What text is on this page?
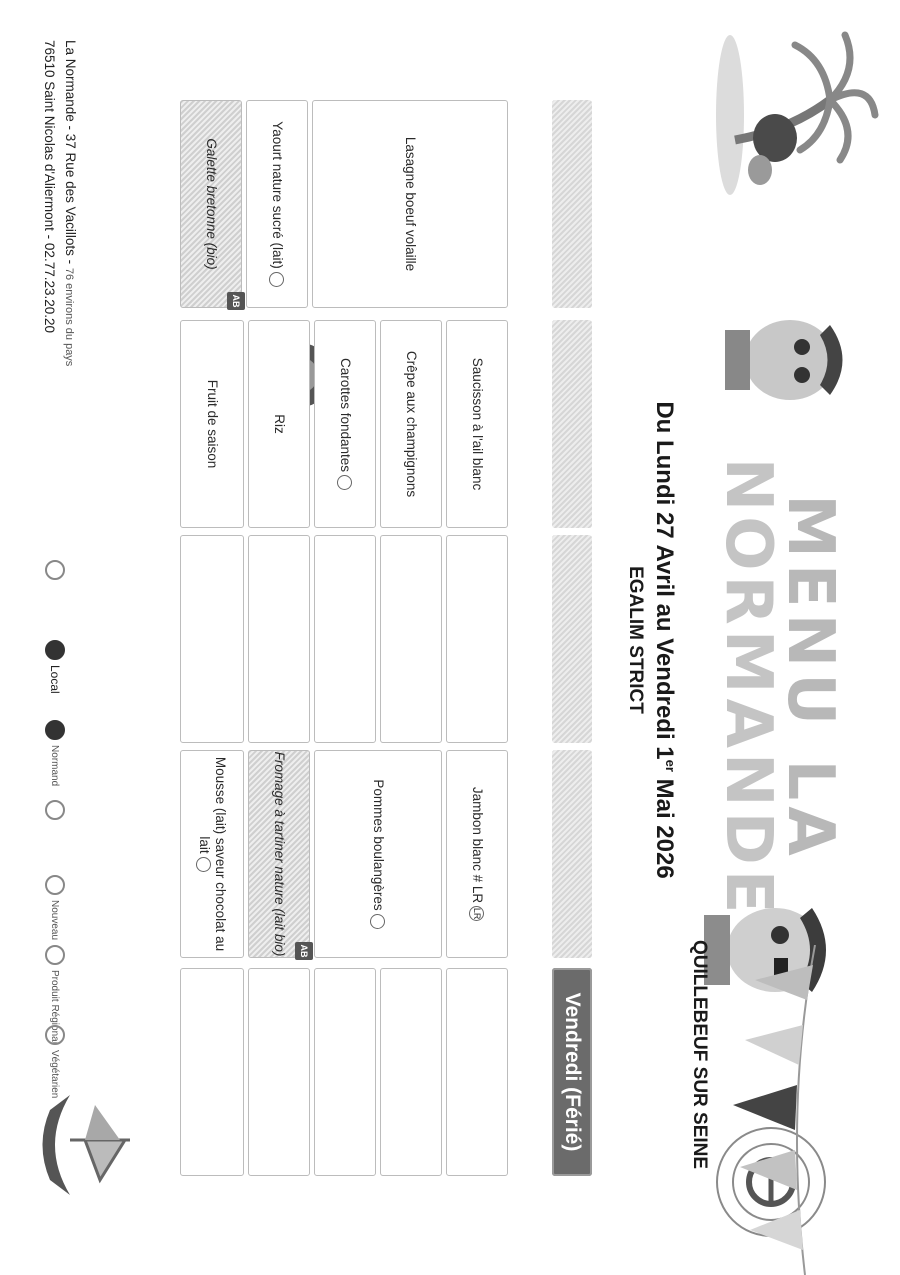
MENU LA
NORMANDE
QUILLEBEUF SUR SEINE
Du Lundi 27 Avril au Vendredi 1er Mai 2026
EGALIM STRICT
Vendredi (Férié)
Lasagne boeuf volaille
Yaourt nature sucré (lait)
Galette bretonne (bio)
AB
Saucisson à l'ail blanc
Crêpe aux champignons
Carottes fondantes
Riz
Fruit de saison
Jambon blanc # LRLR
Pommes boulangères
Fromage à tartiner nature (lait bio)	AB
Mousse (lait) saveur chocolat au lait
La Normande - 37 Rue des Vacillots - 76 environs du pays
76510 Saint Nicolas d'Aliermont - 02.77.23.20.20
Local
Normand
Nouveau
Produit Régional
Végétarien
